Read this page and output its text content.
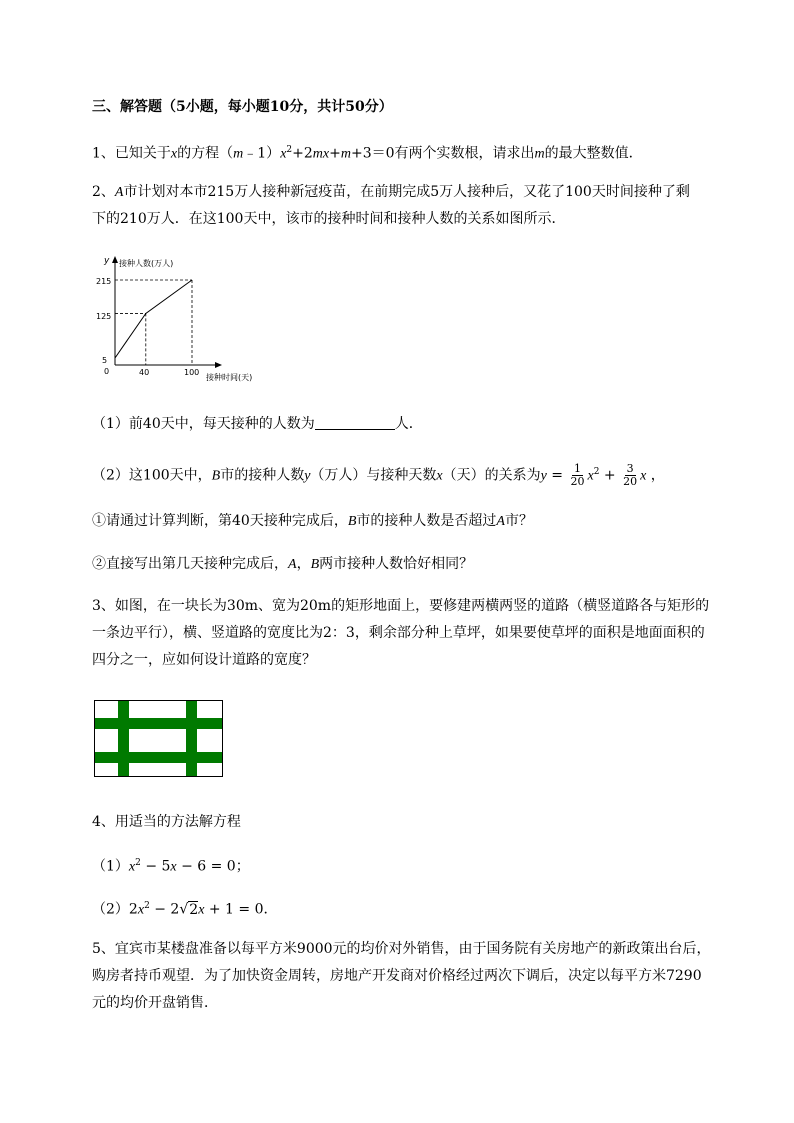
三、解答题（5小题，每小题10分，共计50分）
1、已知关于x的方程$(m﹣1)x^2+2mx+m+3=0$有两个实数根，请求出m的最大整数值．
2、A市计划对本市215万人接种新冠疫苗，在前期完成5万人接种后，又花了100天时间接种了剩
下的210万人．在这100天中，该市的接种时间和接种人数的关系如图所示．
y 接种人数(万人)
接种时间(天)
0
215
125
5
40	100
（1）前40天中，每天接种的人数为	人．
（2）这100天中，B市的接种人数y（万人）与接种天数x（天）的关系为$y = \frac{1}{20} x^2 + \frac{3}{20}$ x ，
①请通过计算判断，第40天接种完成后，B市的接种人数是否超过A市？
②直接写出第几天接种完成后，A，B两市接种人数恰好相同？
3、如图，在一块长为30m、宽为20m的矩形地面上，要修建两横两竖的道路（横竖道路各与矩形的
一条边平行），横、竖道路的宽度比为2：3，剩余部分种上草坪，如果要使草坪的面积是地面面积的
四分之一，应如何设计道路的宽度？
4、用适当的方法解方程
$(1)x^2 - 5x - 6 = 0$；
$(2)2x^2 - 2√2x + 1 = 0$．
5、宜宾市某楼盘准备以每平方米9000元的均价对外销售，由于国务院有关房地产的新政策出台后，
购房者持币观望．为了加快资金周转，房地产开发商对价格经过两次下调后，决定以每平方米7290
元的均价开盘销售．
